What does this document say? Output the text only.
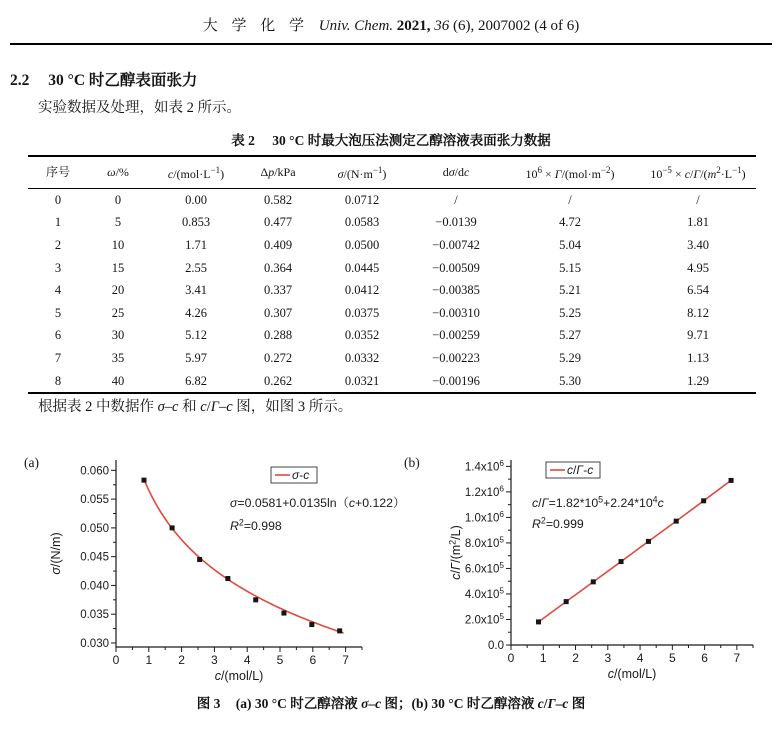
大 学 化 学 Univ. Chem. 2021, 36 (6), 2007002 (4 of 6)
2.2 30 °C 时乙醇表面张力
实验数据及处理，如表 2 所示。
表 2 30 °C 时最大泡压法测定乙醇溶液表面张力数据
序号	ω/%	$c/(mol\cdot L^{-1})$	Δp/kPa	$\sigma/(N\cdot m^{-1})$	dσ/dc	$10^6 \times \Gamma/(mol\cdot m^{-2})$	$10^{-5} \times c/\Gamma/(m^2\cdot L^{-1})$
0	0	0.00	0.582	0.0712	/	/	/
1	5	0.853	0.477	0.0583	−0.0139	4.72	1.81
2	10	1.71	0.409	0.0500	−0.00742	5.04	3.40
3	15	2.55	0.364	0.0445	−0.00509	5.15	4.95
4	20	3.41	0.337	0.0412	−0.00385	5.21	6.54
5	25	4.26	0.307	0.0375	−0.00310	5.25	8.12
6	30	5.12	0.288	0.0352	−0.00259	5.27	9.71
7	35	5.97	0.272	0.0332	−0.00223	5.29	1.13
8	40	6.82	0.262	0.0321	−0.00196	5.30	1.29
根据表 2 中数据作 σ–c 和 c/Γ–c 图，如图 3 所示。
(a)	(b)
0 1 2 3 4 5 6 7
0.030
0.035
0.040
0.045
0.050
0.055
0.060
c/(mol/L)
σ/(N/m)
σ-c
σ=0.0581+0.0135ln（c+0.122）
$R^2=0.998$
0 1 2 3 4 5 6 7
0.0
$2.0x10^5$
$4.0x10^5$
$6.0x10^5$
$8.0x10^5$
$1.0x10^6$
$1.2x10^6$
$1.4x10^6$
c/(mol/L)
$c/\Gamma/(m^2/L)$
c/Γ-c
$c/\Gamma=1.82*10^5+2.24*10^4c$
$R^2=0.999$
图 3 (a) 30 °C 时乙醇溶液 σ–c 图；(b) 30 °C 时乙醇溶液 c/Γ–c 图
